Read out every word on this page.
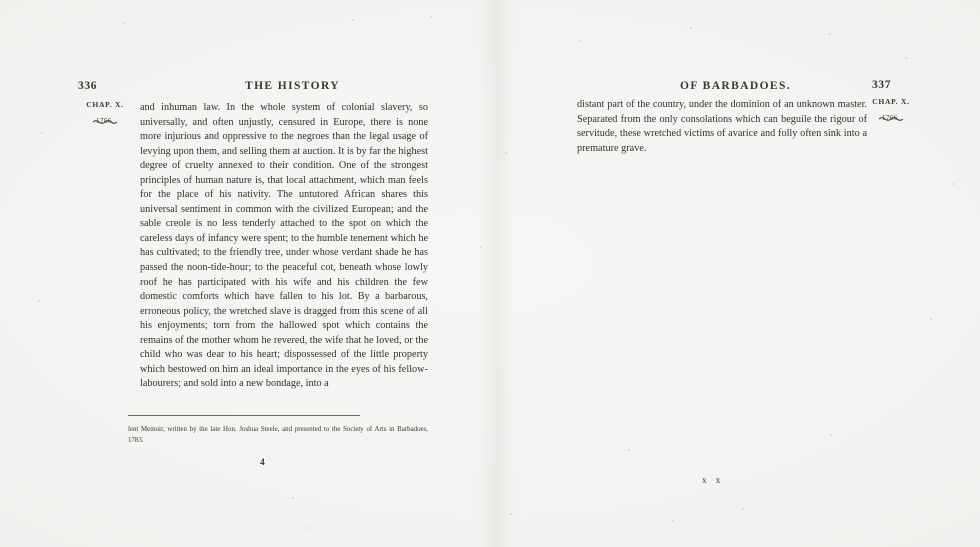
336	THE HISTORY
CHAP. X.
1766.

and inhuman law. In the whole system of colonial slavery, so universally, and often unjustly, censured in Europe, there is none more injurious and oppressive to the negroes than the legal usage of levying upon them, and selling them at auction. It is by far the highest degree of cruelty annexed to their condition. One of the strongest principles of human nature is, that local attachment, which man feels for the place of his nativity. The untutored African shares this universal sentiment in common with the civilized European; and the sable creole is no less tenderly attached to the spot on which the careless days of infancy were spent; to the humble tenement which he has cultivated; to the friendly tree, under whose verdant shade he has passed the noon-tide-hour; to the peaceful cot, beneath whose lowly roof he has participated with his wife and his children the few domestic comforts which have fallen to his lot. By a barbarous, erroneous policy, the wretched slave is dragged from this scene of all his enjoyments; torn from the hallowed spot which contains the remains of the mother whom he revered, the wife that he loved, or the child who was dear to his heart; dispossessed of the little property which bestowed on him an ideal importance in the eyes of his fellow-labourers; and sold into a new bondage, into a

lent Memoir, written by the late Hon. Joshua Steele, and presented to the Society of Arts in Barbadoes, 1783.
4
OF BARBADOES.	337
CHAP. X.
1766.

distant part of the country, under the dominion of an unknown master. Separated from the only consolations which can beguile the rigour of servitude, these wretched victims of avarice and folly often sink into a premature grave.

x x
